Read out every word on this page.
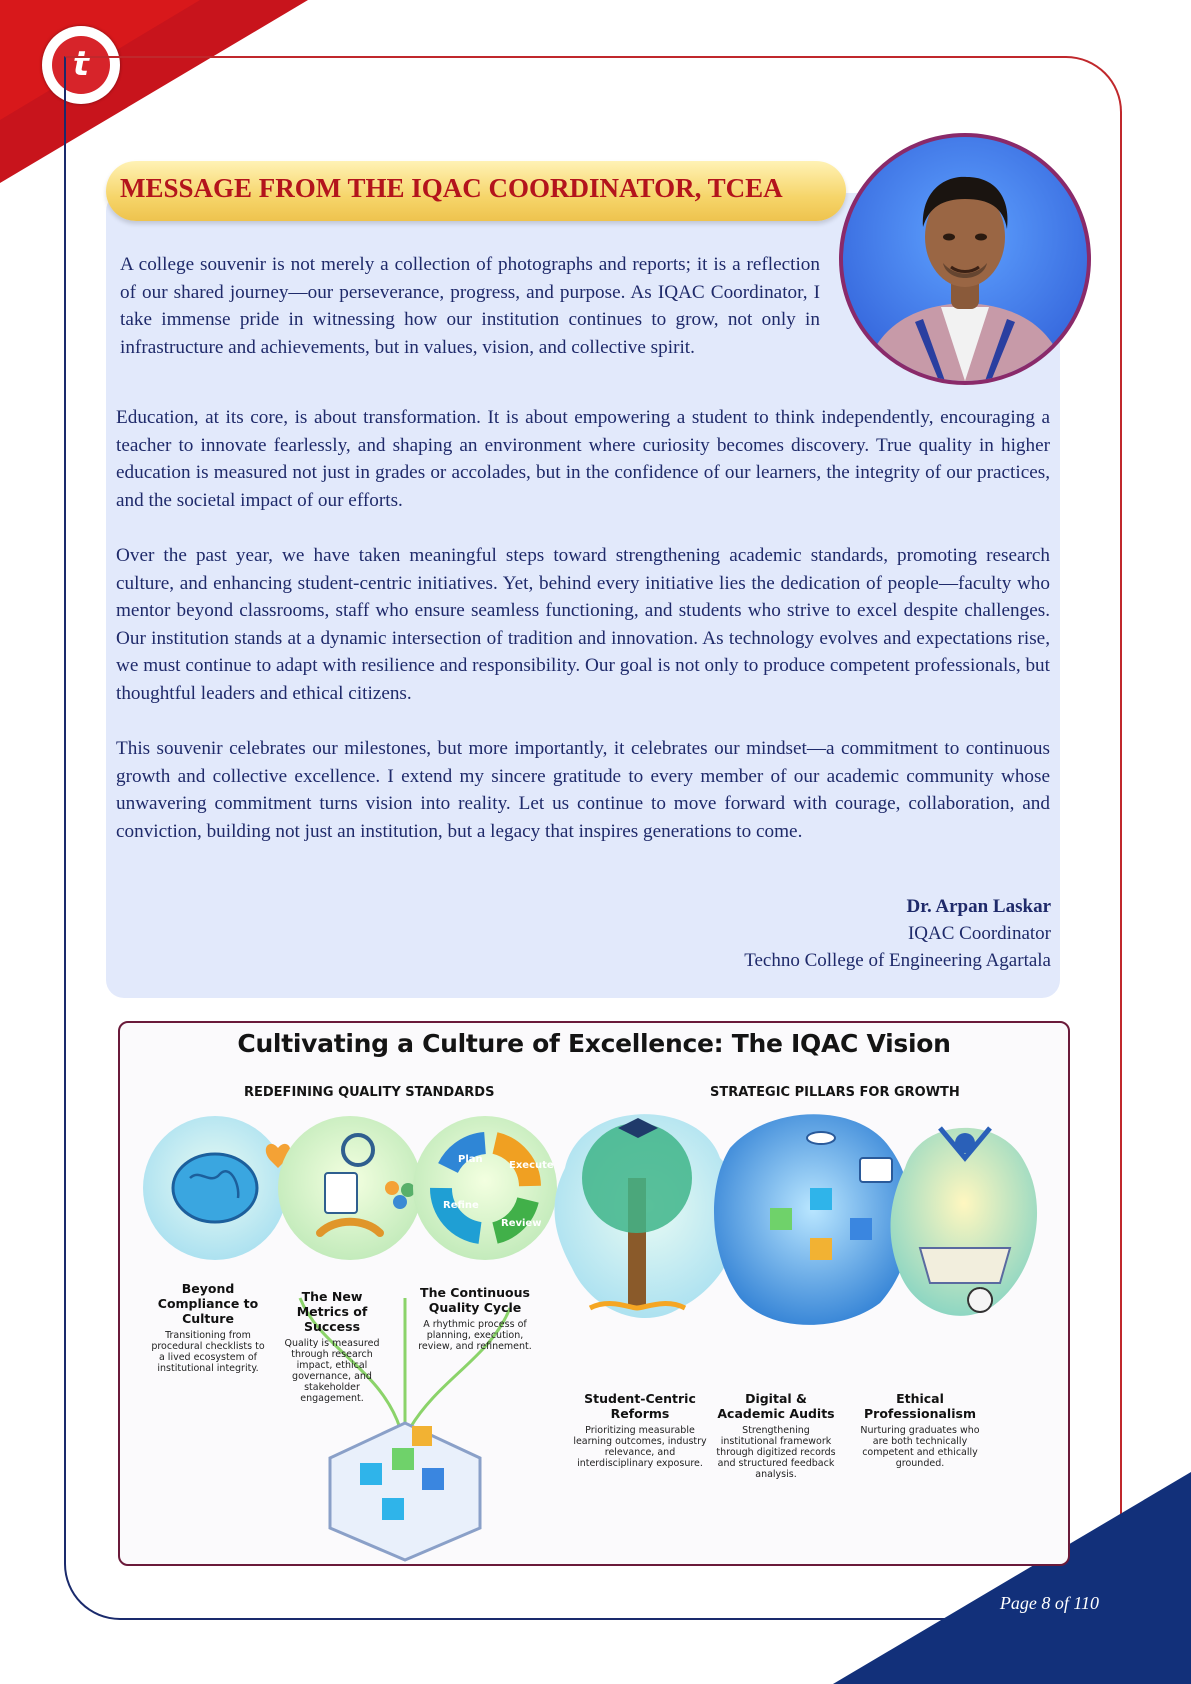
t
Page 8 of 110
MESSAGE FROM THE IQAC COORDINATOR, TCEA

A college souvenir is not merely a collection of photographs and reports; it is a reflection of our shared journey—our perseverance, progress, and purpose. As IQAC Coordinator, I take immense pride in witnessing how our institution continues to grow, not only in infrastructure and achievements, but in values, vision, and collective spirit.

Education, at its core, is about transformation. It is about empowering a student to think independently, encouraging a teacher to innovate fearlessly, and shaping an environment where curiosity becomes discovery. True quality in higher education is measured not just in grades or accolades, but in the confidence of our learners, the integrity of our practices, and the societal impact of our efforts.

Over the past year, we have taken meaningful steps toward strengthening academic standards, promoting research culture, and enhancing student-centric initiatives. Yet, behind every initiative lies the dedication of people—faculty who mentor beyond classrooms, staff who ensure seamless functioning, and students who strive to excel despite challenges. Our institution stands at a dynamic intersection of tradition and innovation. As technology evolves and expectations rise, we must continue to adapt with resilience and responsibility. Our goal is not only to produce competent professionals, but thoughtful leaders and ethical citizens.

This souvenir celebrates our milestones, but more importantly, it celebrates our mindset—a commitment to continuous growth and collective excellence. I extend my sincere gratitude to every member of our academic community whose unwavering commitment turns vision into reality. Let us continue to move forward with courage, collaboration, and conviction, building not just an institution, but a legacy that inspires generations to come.

Dr. Arpan Laskar
IQAC Coordinator
Techno College of Engineering Agartala
Cultivating a Culture of Excellence: The IQAC Vision
REDEFINING QUALITY STANDARDS	STRATEGIC PILLARS FOR GROWTH
Plan
Execute
Review
Refine
Beyond Compliance to Culture
Transitioning from procedural checklists to a lived ecosystem of institutional integrity.
The New Metrics of Success
Quality is measured through research impact, ethical governance, and stakeholder engagement.
The Continuous Quality Cycle
A rhythmic process of planning, execution, review, and refinement.
Student-Centric Reforms
Prioritizing measurable learning outcomes, industry relevance, and interdisciplinary exposure.
Digital & Academic Audits
Strengthening institutional framework through digitized records and structured feedback analysis.
Ethical Professionalism
Nurturing graduates who are both technically competent and ethically grounded.
